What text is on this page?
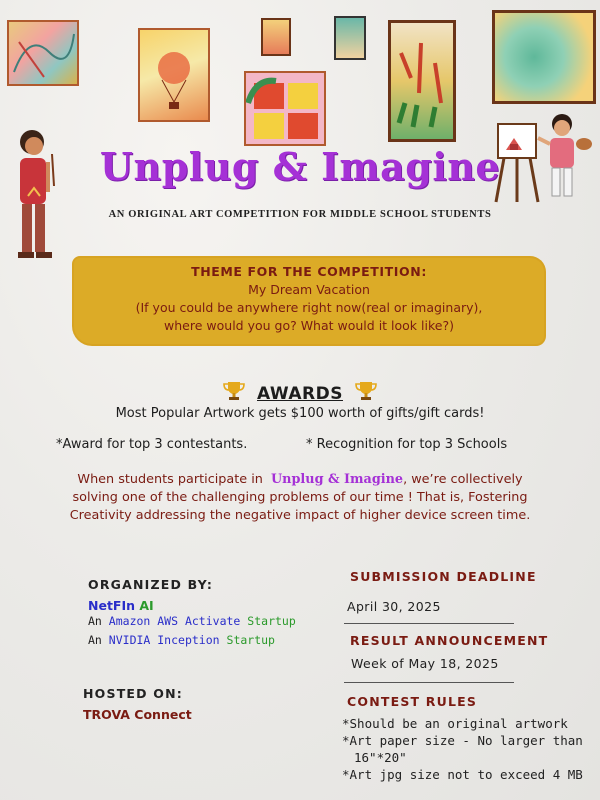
Unplug & Imagine
AN ORIGINAL ART COMPETITION FOR MIDDLE SCHOOL STUDENTS
THEME FOR THE COMPETITION:
My Dream Vacation
(If you could be anywhere right now(real or imaginary),
where would you go? What would it look like?)
AWARDS
Most Popular Artwork gets $100 worth of gifts/gift cards!
*Award for top 3 contestants.	* Recognition for top 3 Schools
When students participate in Unplug & Imagine, we’re collectively
solving one of the challenging problems of our time ! That is, Fostering
Creativity addressing the negative impact of higher device screen time.
ORGANIZED BY:
NetFIn AI
An Amazon AWS Activate Startup
An NVIDIA Inception Startup
HOSTED ON:
TROVA Connect
SUBMISSION DEADLINE
April 30, 2025
RESULT ANNOUNCEMENT
Week of May 18, 2025
CONTEST RULES
*Should be an original artwork
*Art paper size - No larger than
16"*20"
*Art jpg size not to exceed 4 MB
